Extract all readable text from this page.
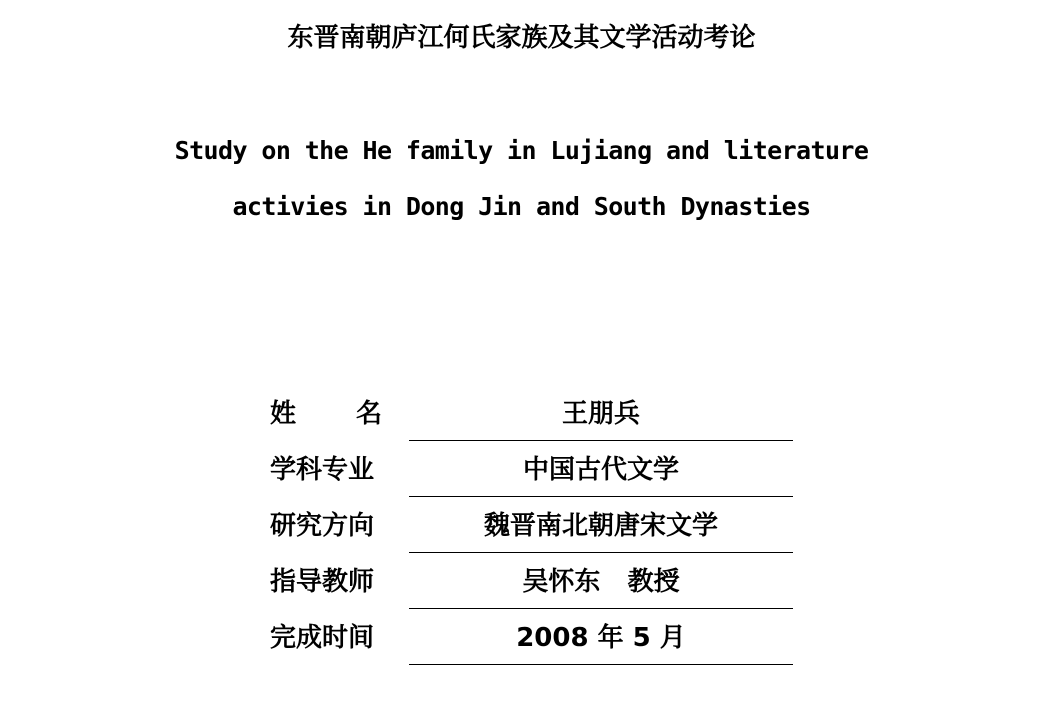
东晋南朝庐江何氏家族及其文学活动考论
Study on the He family in Lujiang and literature
activies in Dong Jin and South Dynasties
姓 名	王朋兵
学科专业	中国古代文学
研究方向	魏晋南北朝唐宋文学
指导教师	吴怀东   教授
完成时间	2008 年 5 月
